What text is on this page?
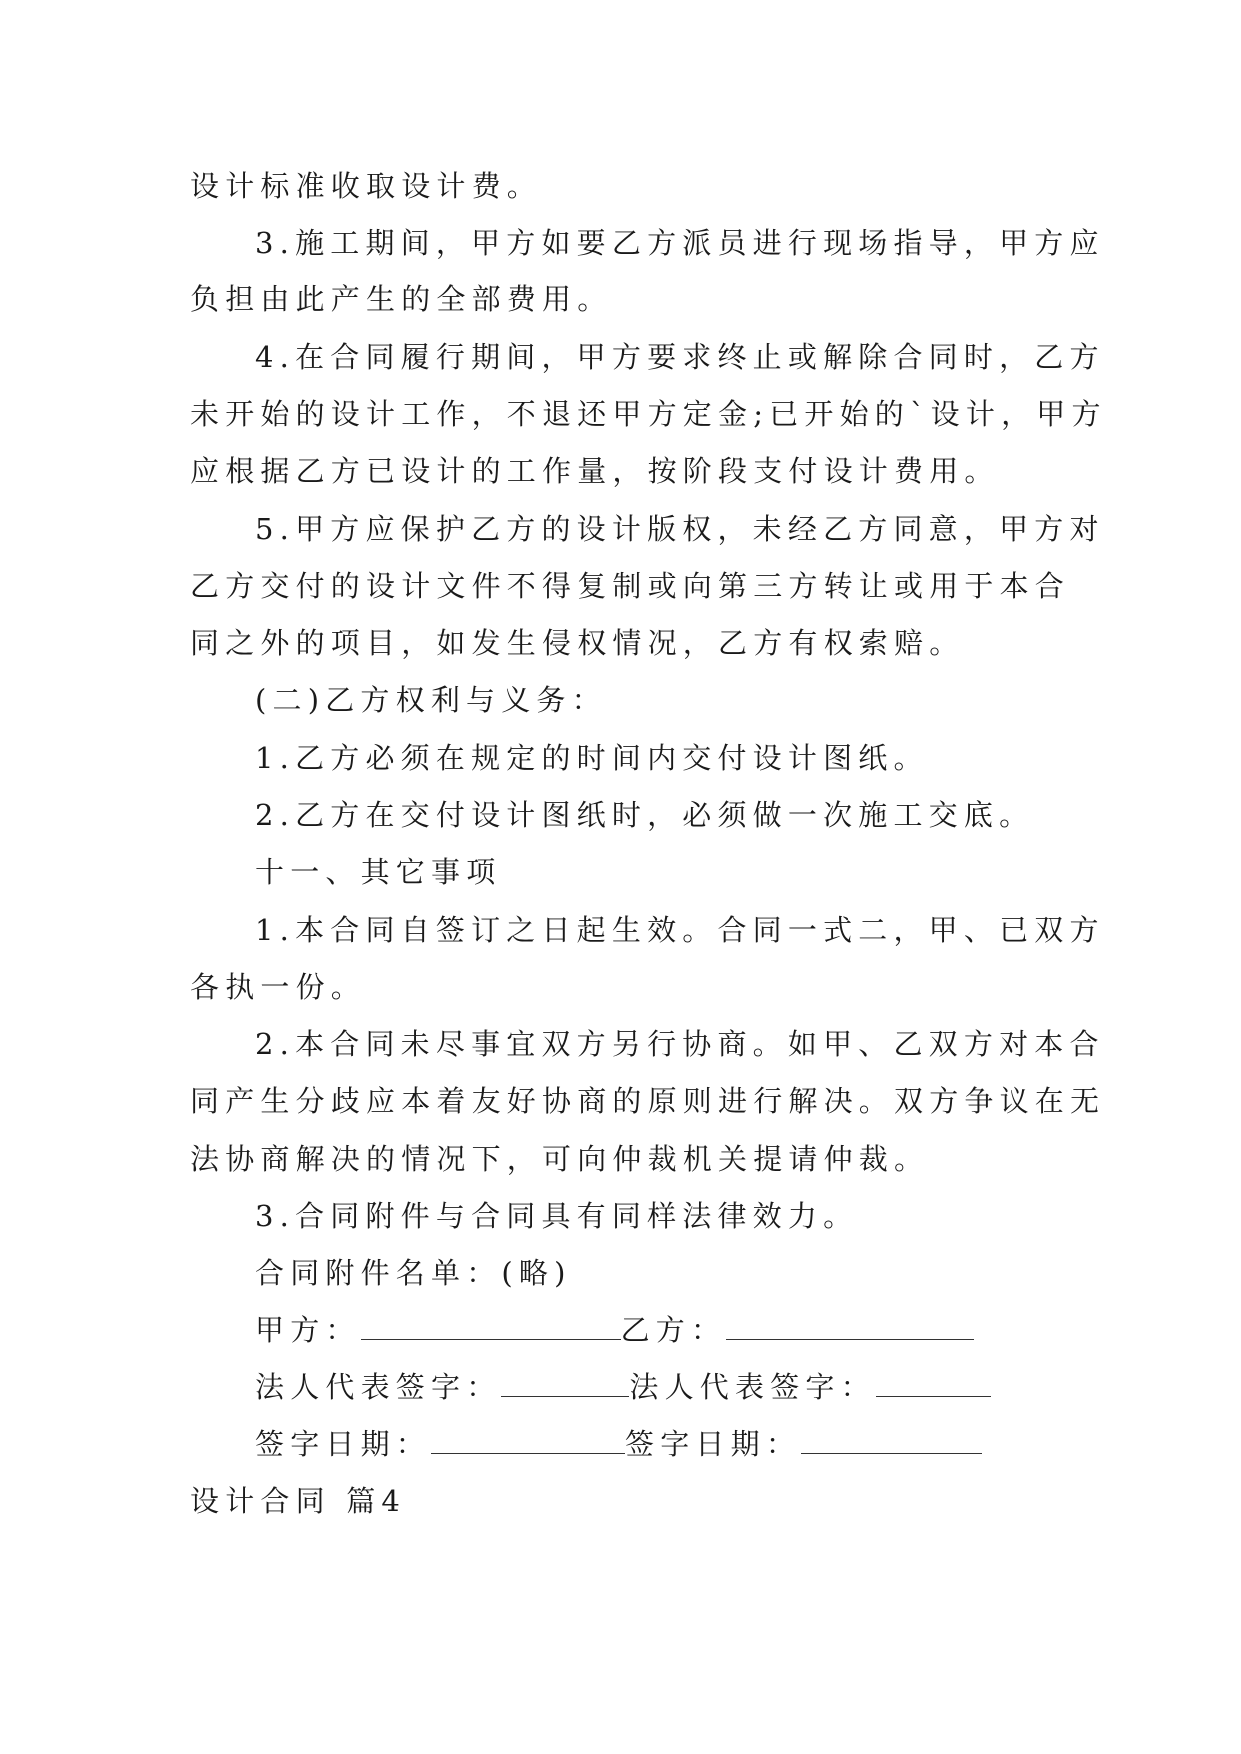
设计标准收取设计费。
3.施工期间，甲方如要乙方派员进行现场指导，甲方应
负担由此产生的全部费用。
4.在合同履行期间，甲方要求终止或解除合同时，乙方
未开始的设计工作，不退还甲方定金;已开始的`设计，甲方
应根据乙方已设计的工作量，按阶段支付设计费用。
5.甲方应保护乙方的设计版权，未经乙方同意，甲方对
乙方交付的设计文件不得复制或向第三方转让或用于本合
同之外的项目，如发生侵权情况，乙方有权索赔。
(二)乙方权利与义务：
1.乙方必须在规定的时间内交付设计图纸。
2.乙方在交付设计图纸时，必须做一次施工交底。
十一、其它事项
1.本合同自签订之日起生效。合同一式二，甲、已双方
各执一份。
2.本合同未尽事宜双方另行协商。如甲、乙双方对本合
同产生分歧应本着友好协商的原则进行解决。双方争议在无
法协商解决的情况下，可向仲裁机关提请仲裁。
3.合同附件与合同具有同样法律效力。
合同附件名单：(略)
甲方：	乙方：
法人代表签字：	法人代表签字：
签字日期：	签字日期：
设计合同 篇4
